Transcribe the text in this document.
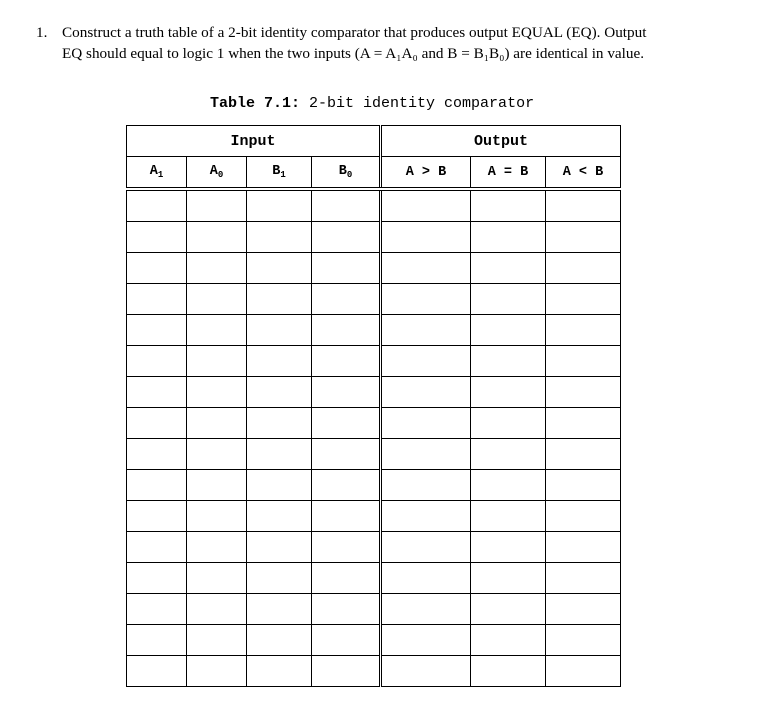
1. Construct a truth table of a 2-bit identity comparator that produces output EQUAL (EQ). Output
EQ should equal to logic 1 when the two inputs (A = A₁A₀ and B = B₁B₀) are identical in value.
Table 7.1: 2-bit identity comparator
Input				Output		
$A_1$	$A_0$	$B_1$	$B_0$	A > B	A = B	A < B
